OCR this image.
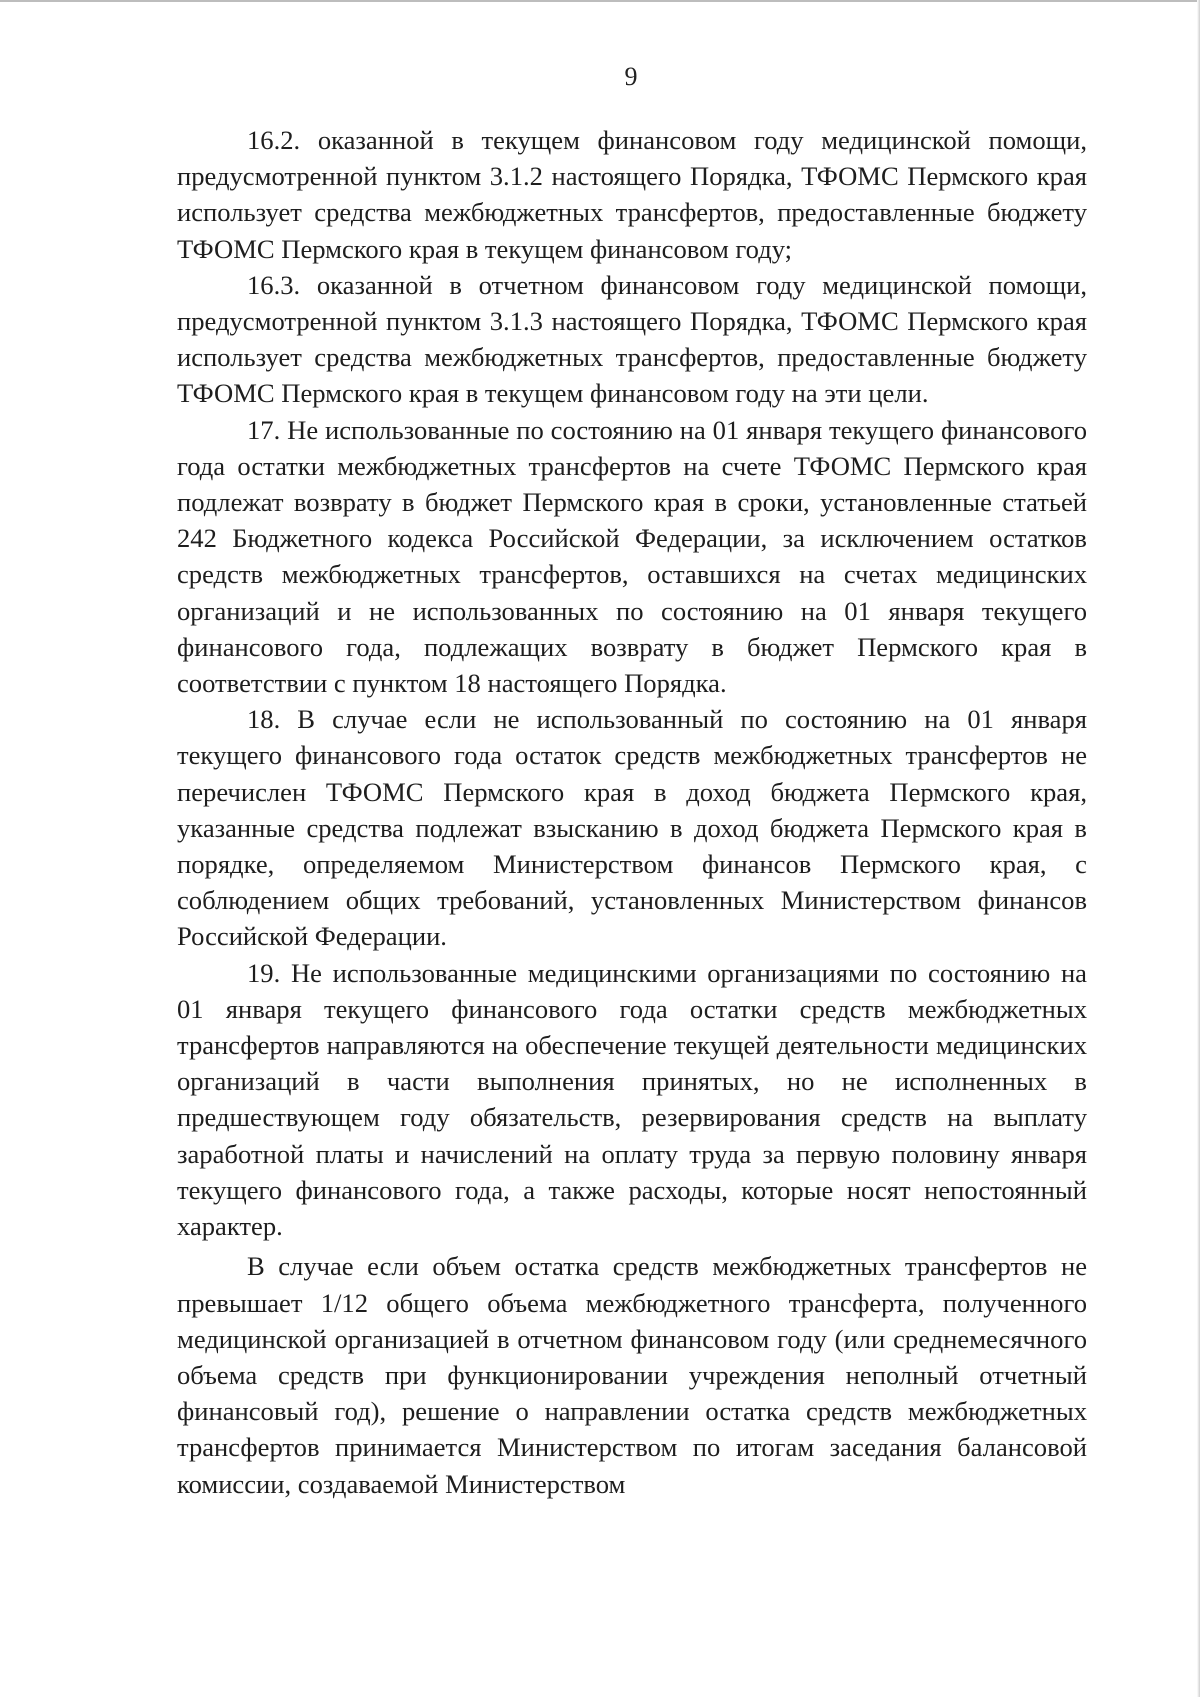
9

16.2. оказанной в текущем финансовом году медицинской помощи, предусмотренной пунктом 3.1.2 настоящего Порядка, ТФОМС Пермского края использует средства межбюджетных трансфертов, предоставленные бюджету ТФОМС Пермского края в текущем финансовом году;

16.3. оказанной в отчетном финансовом году медицинской помощи, предусмотренной пунктом 3.1.3 настоящего Порядка, ТФОМС Пермского края использует средства межбюджетных трансфертов, предоставленные бюджету ТФОМС Пермского края в текущем финансовом году на эти цели.

17. Не использованные по состоянию на 01 января текущего финансового года остатки межбюджетных трансфертов на счете ТФОМС Пермского края подлежат возврату в бюджет Пермского края в сроки, установленные статьей 242 Бюджетного кодекса Российской Федерации, за исключением остатков средств межбюджетных трансфертов, оставшихся на счетах медицинских организаций и не использованных по состоянию на 01 января текущего финансового года, подлежащих возврату в бюджет Пермского края в соответствии с пунктом 18 настоящего Порядка.

18. В случае если не использованный по состоянию на 01 января текущего финансового года остаток средств межбюджетных трансфертов не перечислен ТФОМС Пермского края в доход бюджета Пермского края, указанные средства подлежат взысканию в доход бюджета Пермского края в порядке, определяемом Министерством финансов Пермского края, с соблюдением общих требований, установленных Министерством финансов Российской Федерации.

19. Не использованные медицинскими организациями по состоянию на 01 января текущего финансового года остатки средств межбюджетных трансфертов направляются на обеспечение текущей деятельности медицинских организаций в части выполнения принятых, но не исполненных в предшествующем году обязательств, резервирования средств на выплату заработной платы и начислений на оплату труда за первую половину января текущего финансового года, а также расходы, которые носят непостоянный характер.

В случае если объем остатка средств межбюджетных трансфертов не превышает 1/12 общего объема межбюджетного трансферта, полученного медицинской организацией в отчетном финансовом году (или среднемесячного объема средств при функционировании учреждения неполный отчетный финансовый год), решение о направлении остатка средств межбюджетных трансфертов принимается Министерством по итогам заседания балансовой комиссии, создаваемой Министерством
